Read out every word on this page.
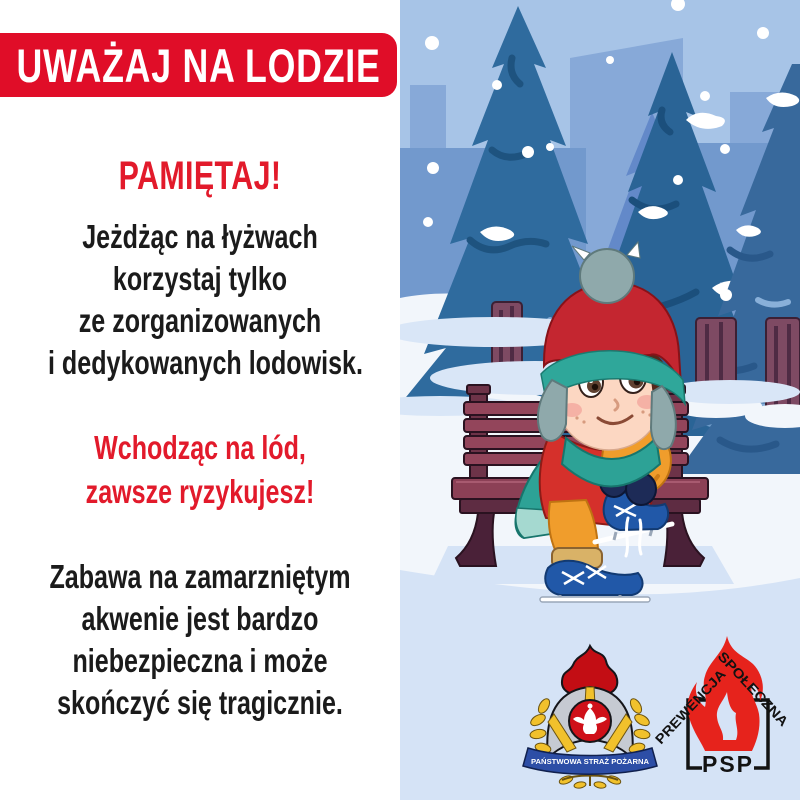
UWAŻAJ NA LODZIE
PAMIĘTAJ!
Jeżdżąc na łyżwach
korzystaj tylko
ze zorganizowanych
i dedykowanych lodowisk.
Wchodząc na lód,
zawsze ryzykujesz!
Zabawa na zamarzniętym
akwenie jest bardzo
niebezpieczna i może
skończyć się tragicznie.
PAŃSTWOWA STRAŻ POŻARNA
PREWENCJA
SPOŁECZNA
PSP
